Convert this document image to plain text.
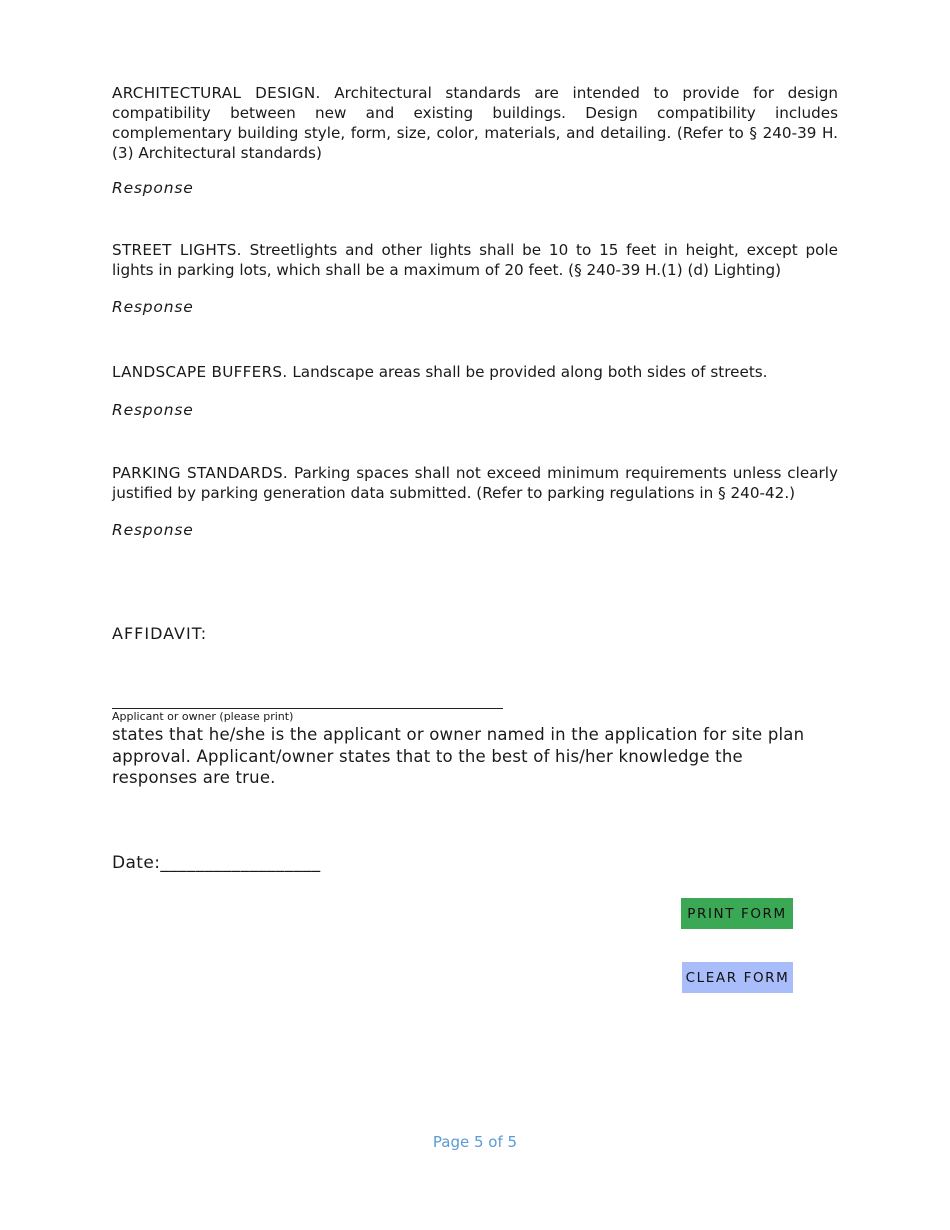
ARCHITECTURAL DESIGN. Architectural standards are intended to provide for design compatibility between new and existing buildings. Design compatibility includes complementary building style, form, size, color, materials, and detailing. (Refer to § 240-39 H.(3) Architectural standards)

Response

STREET LIGHTS. Streetlights and other lights shall be 10 to 15 feet in height, except pole lights in parking lots, which shall be a maximum of 20 feet. (§ 240-39 H.(1) (d) Lighting)

Response

LANDSCAPE BUFFERS. Landscape areas shall be provided along both sides of streets.

Response

PARKING STANDARDS. Parking spaces shall not exceed minimum requirements unless clearly justified by parking generation data submitted. (Refer to parking regulations in § 240-42.)

Response
AFFIDAVIT:
Applicant or owner (please print)
states that he/she is the applicant or owner named in the application for site plan approval. Applicant/owner states that to the best of his/her knowledge the responses are true.
Date:__________________
PRINT FORM
CLEAR FORM
Page 5 of 5
